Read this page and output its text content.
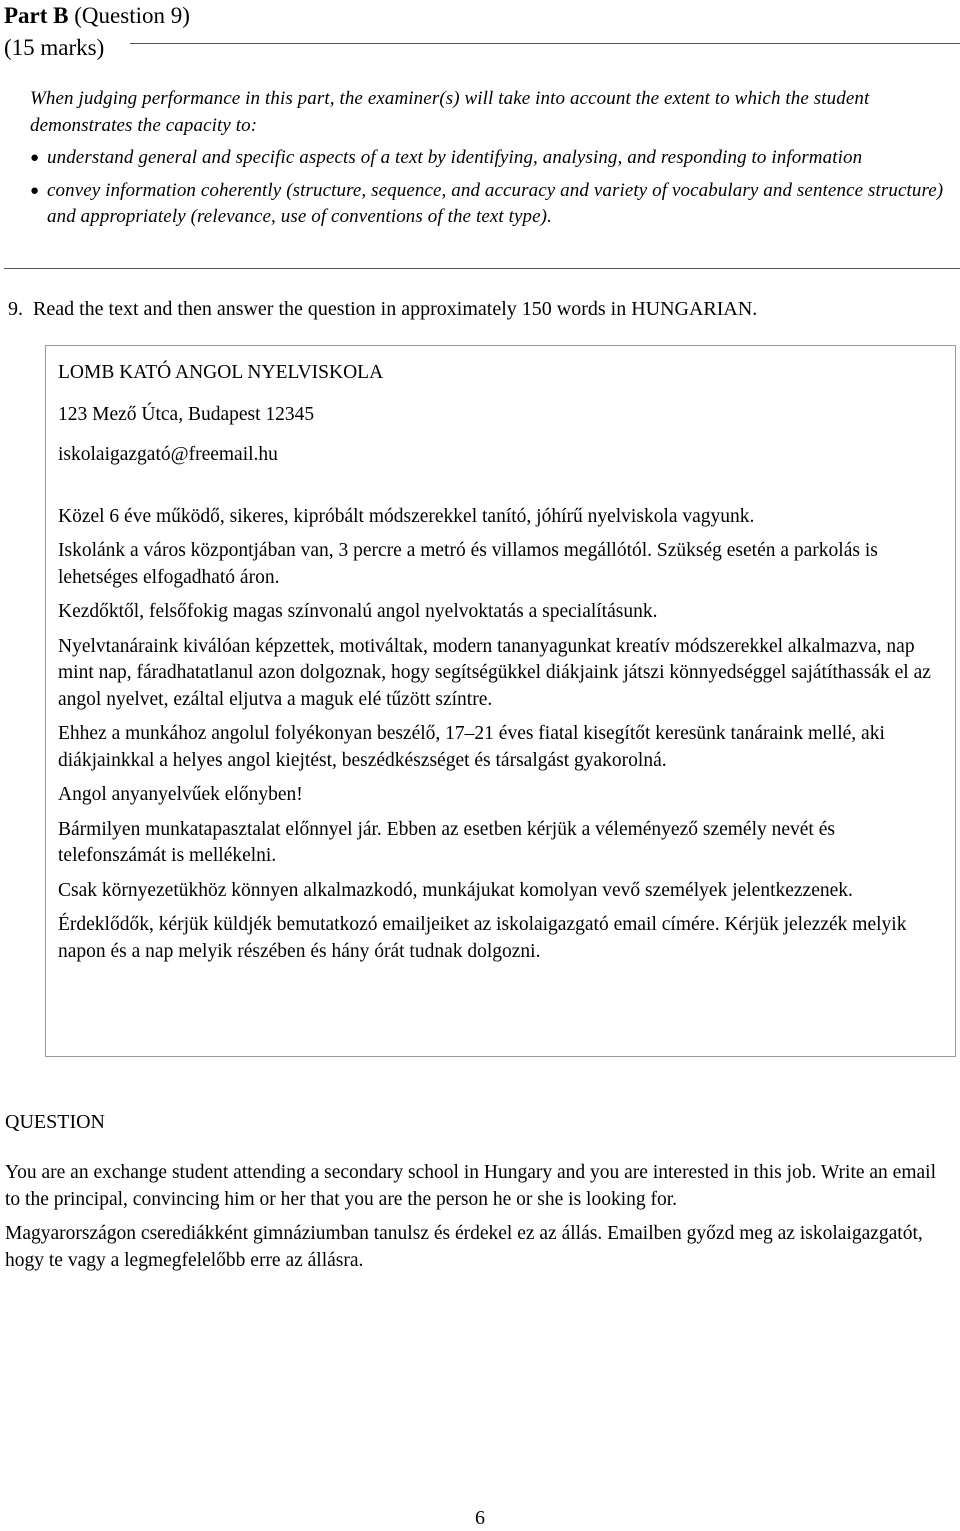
Part B (Question 9)
(15 marks)

When judging performance in this part, the examiner(s) will take into account the extent to which the student demonstrates the capacity to:

● understand general and specific aspects of a text by identifying, analysing, and responding to information
● convey information coherently (structure, sequence, and accuracy and variety of vocabulary and sentence structure) and appropriately (relevance, use of conventions of the text type).
9. Read the text and then answer the question in approximately 150 words in HUNGARIAN.

LOMB KATÓ ANGOL NYELVISKOLA

123 Mező Útca, Budapest 12345

iskolaigazgató@freemail.hu

Közel 6 éve működő, sikeres, kipróbált módszerekkel tanító, jóhírű nyelviskola vagyunk.

Iskolánk a város központjában van, 3 percre a metró és villamos megállótól. Szükség esetén a parkolás is lehetséges elfogadható áron.

Kezdőktől, felsőfokig magas színvonalú angol nyelvoktatás a specialításunk.

Nyelvtanáraink kiválóan képzettek, motiváltak, modern tananyagunkat kreatív módszerekkel alkalmazva, nap mint nap, fáradhatatlanul azon dolgoznak, hogy segítségükkel diákjaink játszi könnyedséggel sajátíthassák el az angol nyelvet, ezáltal eljutva a maguk elé tűzött színtre.

Ehhez a munkához angolul folyékonyan beszélő, 17–21 éves fiatal kisegítőt keresünk tanáraink mellé, aki diákjainkkal a helyes angol kiejtést, beszédkészséget és társalgást gyakorolná.

Angol anyanyelvűek előnyben!

Bármilyen munkatapasztalat előnnyel jár. Ebben az esetben kérjük a véleményező személy nevét és telefonszámát is mellékelni.

Csak környezetükhöz könnyen alkalmazkodó, munkájukat komolyan vevő személyek jelentkezzenek.

Érdeklődők, kérjük küldjék bemutatkozó emailjeiket az iskolaigazgató email címére. Kérjük jelezzék melyik napon és a nap melyik részében és hány órát tudnak dolgozni.

QUESTION

You are an exchange student attending a secondary school in Hungary and you are interested in this job. Write an email to the principal, convincing him or her that you are the person he or she is looking for.

Magyarországon cserediákként gimnáziumban tanulsz és érdekel ez az állás. Emailben győzd meg az iskolaigazgatót, hogy te vagy a legmegfelelőbb erre az állásra.

6
